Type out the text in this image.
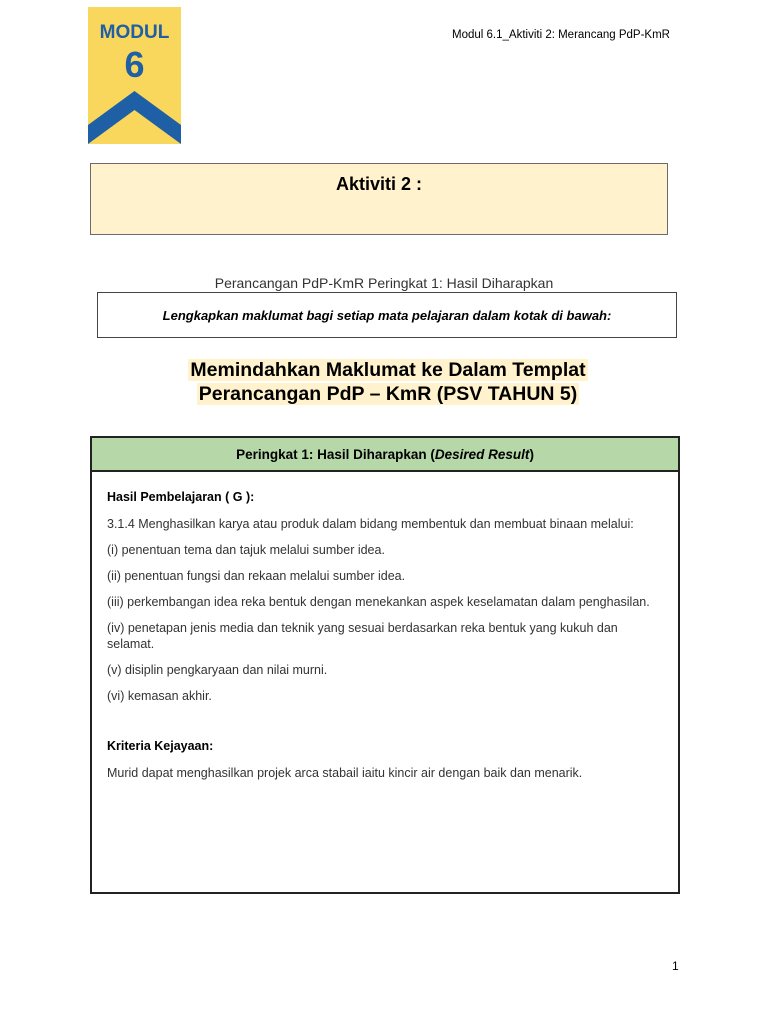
MODUL
6
Modul 6.1_Aktiviti 2: Merancang PdP-KmR
Aktiviti 2 :
Perancangan PdP-KmR Peringkat 1: Hasil Diharapkan
Lengkapkan maklumat bagi setiap mata pelajaran dalam kotak di bawah:
Memindahkan Maklumat ke Dalam Templat
Perancangan PdP – KmR (PSV TAHUN 5)
Peringkat 1: Hasil Diharapkan ( Desired Result )
Hasil Pembelajaran ( G ):

3.1.4 Menghasilkan karya atau produk dalam bidang membentuk dan membuat binaan melalui:

(i) penentuan tema dan tajuk melalui sumber idea.

(ii) penentuan fungsi dan rekaan melalui sumber idea.

(iii) perkembangan idea reka bentuk dengan menekankan aspek keselamatan dalam penghasilan.

(iv) penetapan jenis media dan teknik yang sesuai berdasarkan reka bentuk yang kukuh dan selamat.

(v) disiplin pengkaryaan dan nilai murni.

(vi) kemasan akhir.

Kriteria Kejayaan:

Murid dapat menghasilkan projek arca stabail iaitu kincir air dengan baik dan menarik.

1
